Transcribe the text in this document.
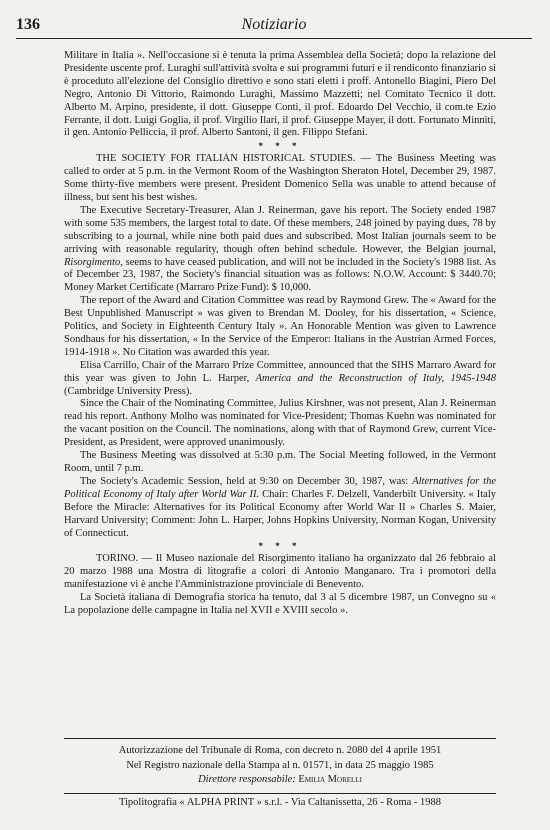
136	Notiziario

Militare in Italia ». Nell'occasione si è tenuta la prima Assemblea della Società; dopo la relazione del Presidente uscente prof. Luraghi sull'attività svolta e sui programmi futuri e il rendiconto finanziario si è proceduto all'elezione del Consiglio direttivo e sono stati eletti i proff. Antonello Biagini, Piero Del Negro, Antonio Di Vittorio, Raimondo Luraghi, Massimo Mazzetti; nel Comitato Tecnico il dott. Alberto M. Arpino, presidente, il dott. Giuseppe Conti, il prof. Edoardo Del Vecchio, il com.te Ezio Ferrante, il dott. Luigi Goglia, il prof. Virgilio Ilari, il prof. Giuseppe Mayer, il dott. Fortunato Minniti, il gen. Antonio Pelliccia, il prof. Alberto Santoni, il gen. Filippo Stefani.

* * *

THE SOCIETY FOR ITALIAN HISTORICAL STUDIES. — The Business Meeting was called to order at 5 p.m. in the Vermont Room of the Washington Sheraton Hotel, December 29, 1987. Some thirty-five members were present. President Domenico Sella was unable to attend because of illness, but sent his best wishes.

The Executive Secretary-Treasurer, Alan J. Reinerman, gave his report. The Society ended 1987 with some 535 members, the largest total to date. Of these members, 248 joined by paying dues, 78 by subscribing to a journal, while nine both paid dues and subscribed. Most Italian journals seem to be arriving with reasonable regularity, though often behind schedule. However, the Belgian journal, Risorgimento, seems to have ceased publication, and will not be included in the Society's 1988 list. As of December 23, 1987, the Society's financial situation was as follows: N.O.W. Account: $ 3440.70; Money Market Certificate (Marraro Prize Fund): $ 10,000.

The report of the Award and Citation Committee was read by Raymond Grew. The « Award for the Best Unpublished Manuscript » was given to Brendan M. Dooley, for his dissertation, « Science, Politics, and Society in Eighteenth Century Italy ». An Honorable Mention was given to Lawrence Sondhaus for his dissertation, « In the Service of the Emperor: Italians in the Austrian Armed Forces, 1914-1918 ». No Citation was awarded this year.

Elisa Carrillo, Chair of the Marraro Prize Committee, announced that the SIHS Marraro Award for this year was given to John L. Harper, America and the Reconstruction of Italy, 1945-1948 (Cambridge University Press).

Since the Chair of the Nominating Committee, Julius Kirshner, was not present, Alan J. Reinerman read his report. Anthony Molho was nominated for Vice-President; Thomas Kuehn was nominated for the vacant position on the Council. The nominations, along with that of Raymond Grew, current Vice-President, as President, were approved unanimously.

The Business Meeting was dissolved at 5:30 p.m. The Social Meeting followed, in the Vermont Room, until 7 p.m.

The Society's Academic Session, held at 9:30 on December 30, 1987, was: Alternatives for the Political Economy of Italy after World War II. Chair: Charles F. Delzell, Vanderbilt University. « Italy Before the Miracle: Alternatives for its Political Economy after World War II » Charles S. Maier, Harvard University; Comment: John L. Harper, Johns Hopkins University, Norman Kogan, University of Connecticut.

* * *

TORINO. — Il Museo nazionale del Risorgimento italiano ha organizzato dal 26 febbraio al 20 marzo 1988 una Mostra di litografie a colori di Antonio Manganaro. Tra i promotori della manifestazione vi è anche l'Amministrazione provinciale di Benevento.

La Società italiana di Demografia storica ha tenuto, dal 3 al 5 dicembre 1987, un Convegno su « La popolazione delle campagne in Italia nel XVII e XVIII secolo ».

Autorizzazione del Tribunale di Roma, con decreto n. 2080 del 4 aprile 1951
Nel Registro nazionale della Stampa al n. 01571, in data 25 maggio 1985
Direttore responsabile: Emilia Morelli
Tipolitografia « ALPHA PRINT » s.r.l. - Via Caltanissetta, 26 - Roma - 1988
